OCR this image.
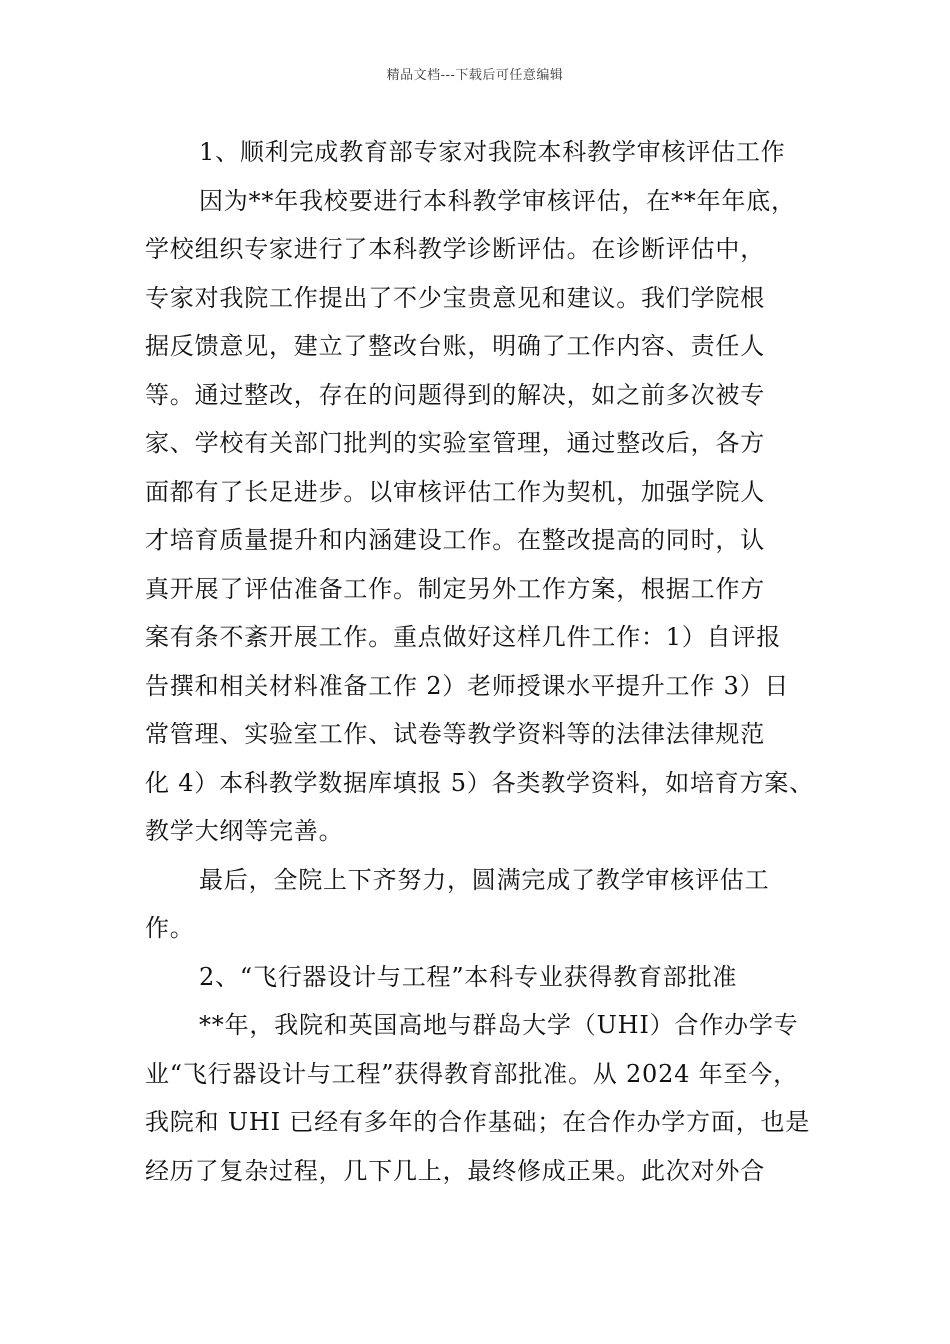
精品文档---下载后可任意编辑
1、顺利完成教育部专家对我院本科教学审核评估工作
因为**年我校要进行本科教学审核评估，在**年年底，
学校组织专家进行了本科教学诊断评估。在诊断评估中，
专家对我院工作提出了不少宝贵意见和建议。我们学院根
据反馈意见，建立了整改台账，明确了工作内容、责任人
等。通过整改，存在的问题得到的解决，如之前多次被专
家、学校有关部门批判的实验室管理，通过整改后，各方
面都有了长足进步。以审核评估工作为契机，加强学院人
才培育质量提升和内涵建设工作。在整改提高的同时，认
真开展了评估准备工作。制定另外工作方案，根据工作方
案有条不紊开展工作。重点做好这样几件工作：1）自评报
告撰和相关材料准备工作 2）老师授课水平提升工作 3）日
常管理、实验室工作、试卷等教学资料等的法律法律规范
化 4）本科教学数据库填报 5）各类教学资料，如培育方案、
教学大纲等完善。
最后，全院上下齐努力，圆满完成了教学审核评估工
作。
2、“飞行器设计与工程”本科专业获得教育部批准
**年，我院和英国高地与群岛大学（UHI）合作办学专
业“飞行器设计与工程”获得教育部批准。从 2024 年至今，
我院和 UHI 已经有多年的合作基础；在合作办学方面，也是
经历了复杂过程，几下几上，最终修成正果。此次对外合
